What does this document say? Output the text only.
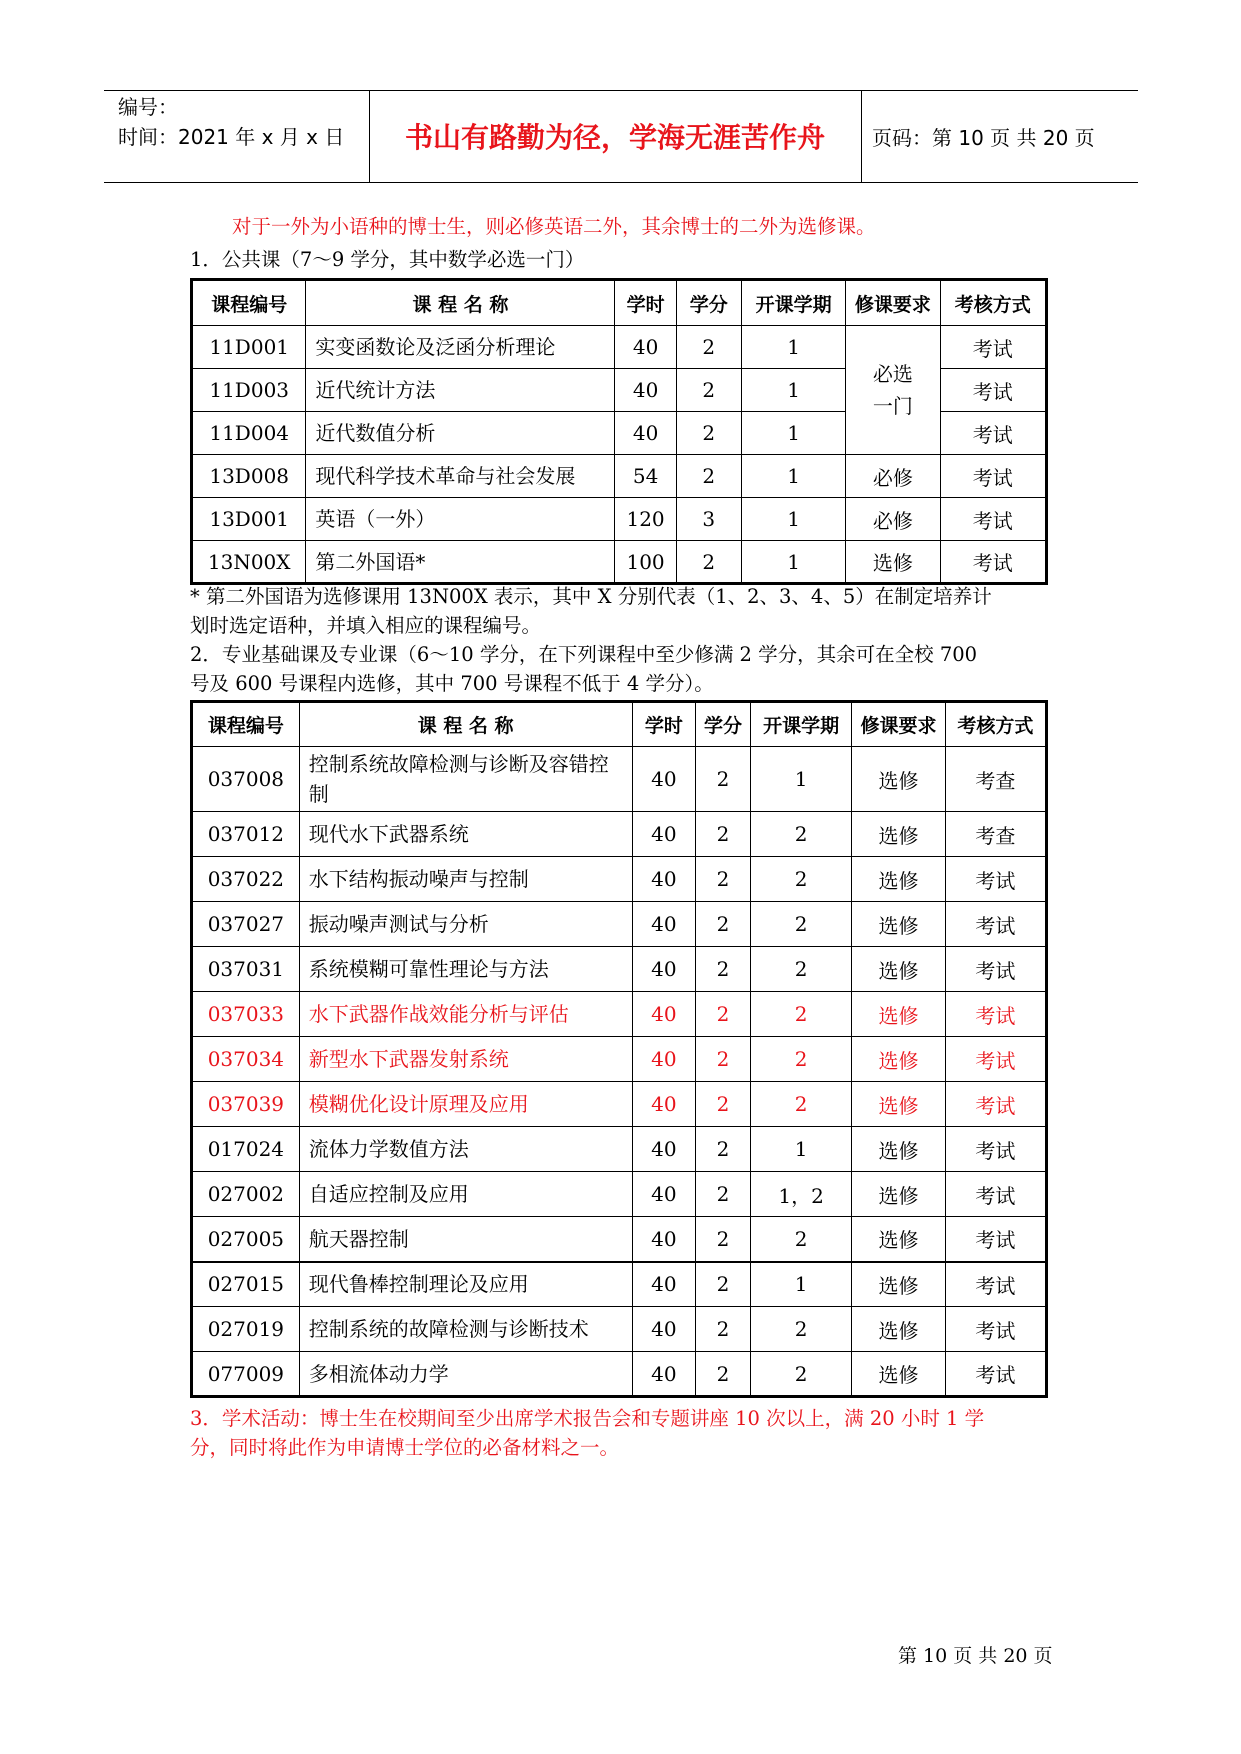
编号：
时间：2021 年 x 月 x 日	书山有路勤为径，学海无涯苦作舟	页码：第 10 页 共 20 页
对于一外为小语种的博士生，则必修英语二外，其余博士的二外为选修课。
1．公共课（7～9 学分，其中数学必选一门）
课程编号	课 程 名 称	学时	学分	开课学期	修课要求	考核方式
11D001	实变函数论及泛函分析理论	40	2	1	必选一门	考试
11D003	近代统计方法	40	2	1		考试
11D004	近代数值分析	40	2	1		考试
13D008	现代科学技术革命与社会发展	54	2	1	必修	考试
13D001	英语（一外）	120	3	1	必修	考试
13N00X	第二外国语*	100	2	1	选修	考试
* 第二外国语为选修课用 13N00X 表示，其中 X 分别代表（1、2、3、4、5）在制定培养计
划时选定语种，并填入相应的课程编号。
2．专业基础课及专业课（6～10 学分，在下列课程中至少修满 2 学分，其余可在全校 700
号及 600 号课程内选修，其中 700 号课程不低于 4 学分）。
课程编号	课 程 名 称	学时	学分	开课学期	修课要求	考核方式
037008	控制系统故障检测与诊断及容错控制	40	2	1	选修	考查
037012	现代水下武器系统	40	2	2	选修	考查
037022	水下结构振动噪声与控制	40	2	2	选修	考试
037027	振动噪声测试与分析	40	2	2	选修	考试
037031	系统模糊可靠性理论与方法	40	2	2	选修	考试
037033	水下武器作战效能分析与评估	40	2	2	选修	考试
037034	新型水下武器发射系统	40	2	2	选修	考试
037039	模糊优化设计原理及应用	40	2	2	选修	考试
017024	流体力学数值方法	40	2	1	选修	考试
027002	自适应控制及应用	40	2	1，2	选修	考试
027005	航天器控制	40	2	2	选修	考试
027015	现代鲁棒控制理论及应用	40	2	1	选修	考试
027019	控制系统的故障检测与诊断技术	40	2	2	选修	考试
077009	多相流体动力学	40	2	2	选修	考试
3．学术活动：博士生在校期间至少出席学术报告会和专题讲座 10 次以上，满 20 小时 1 学
分，同时将此作为申请博士学位的必备材料之一。
第 10 页 共 20 页
